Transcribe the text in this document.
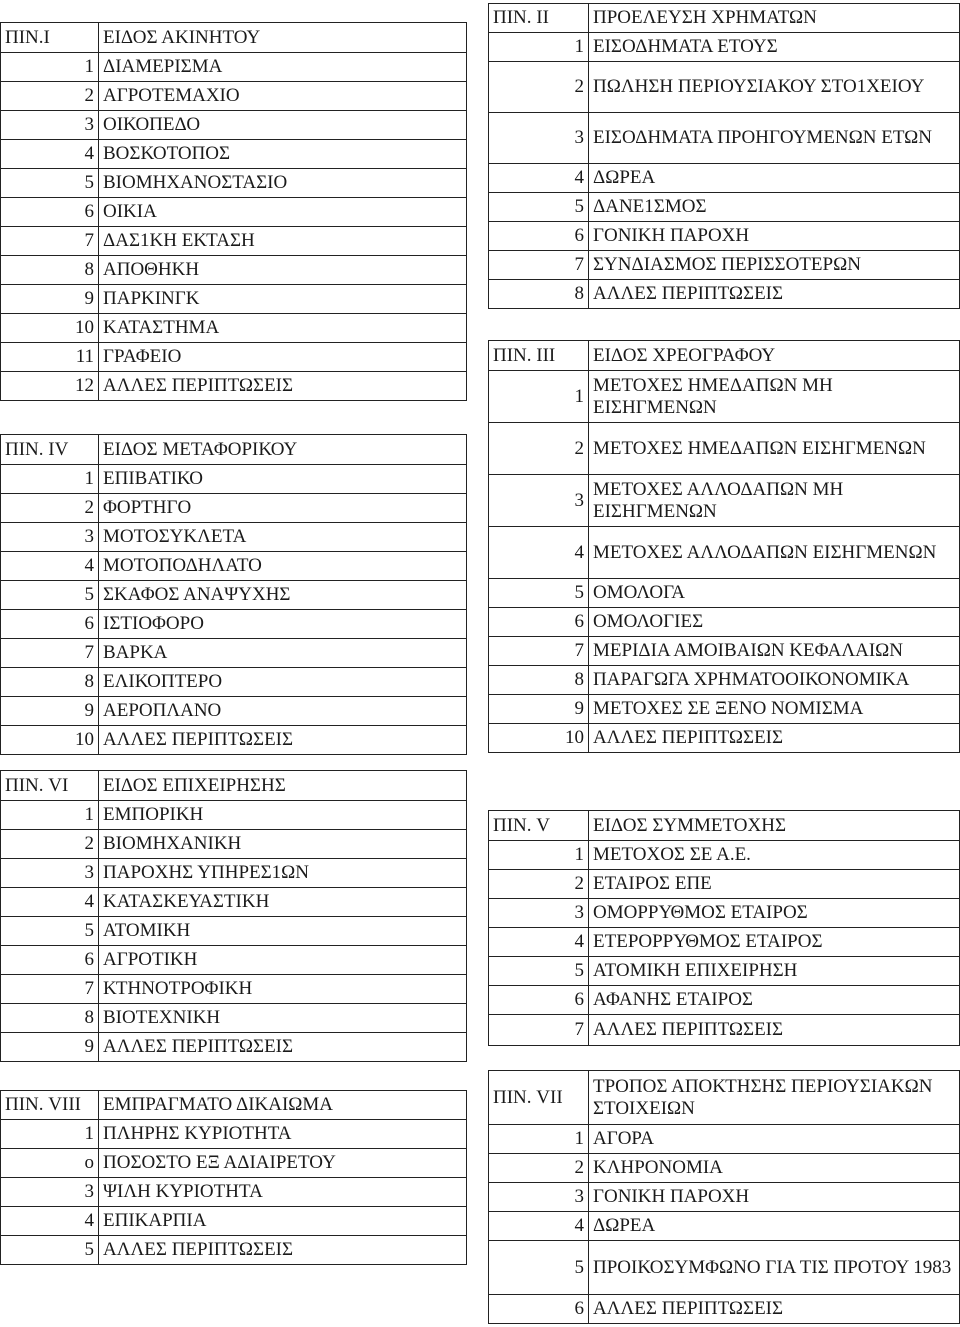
ΠΙΝ.Ι	ΕΙΔΟΣ ΑΚΙΝΗΤΟΥ
1	ΔΙΑΜΕΡΙΣΜΑ
2	ΑΓΡΟΤΕΜΑΧΙΟ
3	ΟΙΚΟΠΕΔΟ
4	ΒΟΣΚΟΤΟΠΟΣ
5	ΒΙΟΜΗΧΑΝΟΣΤΑΣΙΟ
6	ΟΙΚΙΑ
7	ΔΑΣ1ΚΗ ΕΚΤΑΣΗ
8	ΑΠΟΘΗΚΗ
9	ΠΑΡΚΙΝΓΚ
10	ΚΑΤΑΣΤΗΜΑ
11	ΓΡΑΦΕΙΟ
12	ΑΛΛΕΣ ΠΕΡΙΠΤΩΣΕΙΣ
ΠΙΝ. IV	ΕΙΔΟΣ ΜΕΤΑΦΟΡΙΚΟΥ
1	ΕΠΙΒΑΤΙΚΟ
2	ΦΟΡΤΗΓΟ
3	ΜΟΤΟΣΥΚΛΕΤΑ
4	ΜΟΤΟΠΟΔΗΛΑΤΟ
5	ΣΚΑΦΟΣ ΑΝΑΨΥΧΗΣ
6	ΙΣΤΙΟΦΟΡΟ
7	ΒΑΡΚΑ
8	ΕΛΙΚΟΠΤΕΡΟ
9	ΑΕΡΟΠΛΑΝΟ
10	ΑΛΛΕΣ ΠΕΡΙΠΤΩΣΕΙΣ
ΠΙΝ. VI	ΕΙΔΟΣ ΕΠΙΧΕΙΡΗΣΗΣ
1	ΕΜΠΟΡΙΚΗ
2	ΒΙΟΜΗΧΑΝΙΚΗ
3	ΠΑΡΟΧΗΣ ΥΠΗΡΕΣ1ΩΝ
4	ΚΑΤΑΣΚΕΥΑΣΤΙΚΗ
5	ΑΤΟΜΙΚΗ
6	ΑΓΡΟΤΙΚΗ
7	ΚΤΗΝΟΤΡΟΦΙΚΗ
8	ΒΙΟΤΕΧΝΙΚΗ
9	ΑΛΛΕΣ ΠΕΡΙΠΤΩΣΕΙΣ
ΠΙΝ. VIII	ΕΜΠΡΑΓΜΑΤΟ ΔΙΚΑΙΩΜΑ
1	ΠΛΗΡΗΣ ΚΥΡΙΟΤΗΤΑ
ο	ΠΟΣΟΣΤΟ ΕΞ ΑΔΙΑΙΡΕΤΟΥ
3	ΨΙΛΗ ΚΥΡΙΟΤΗΤΑ
4	ΕΠΙΚΑΡΠΙΑ
5	ΑΛΛΕΣ ΠΕΡΙΠΤΩΣΕΙΣ
ΠΙΝ. II	ΠΡΟΕΛΕΥΣΗ ΧΡΗΜΑΤΩΝ
1	ΕΙΣΟΔΗΜΑΤΑ ΕΤΟΥΣ
2	ΠΩΛΗΣΗ ΠΕΡΙΟΥΣΙΑΚΟΥ ΣΤΟ1ΧΕΙΟΥ
3	ΕΙΣΟΔΗΜΑΤΑ ΠΡΟΗΓΟΥΜΕΝΩΝ ΕΤΩΝ
4	ΔΩΡΕΑ
5	ΔΑΝΕ1ΣΜΟΣ
6	ΓΟΝΙΚΗ ΠΑΡΟΧΗ
7	ΣΥΝΔΙΑΣΜΟΣ ΠΕΡΙΣΣΟΤΕΡΩΝ
8	ΑΛΛΕΣ ΠΕΡΙΠΤΩΣΕΙΣ
ΠΙΝ. III	ΕΙΔΟΣ ΧΡΕΟΓΡΑΦΟΥ
1	ΜΕΤΟΧΕΣ ΗΜΕΔΑΠΩΝ ΜΗ ΕΙΣΗΓΜΕΝΩΝ
2	ΜΕΤΟΧΕΣ ΗΜΕΔΑΠΩΝ ΕΙΣΗΓΜΕΝΩΝ
3	ΜΕΤΟΧΕΣ ΑΛΛΟΔΑΠΩΝ ΜΗ ΕΙΣΗΓΜΕΝΩΝ
4	ΜΕΤΟΧΕΣ ΑΛΛΟΔΑΠΩΝ ΕΙΣΗΓΜΕΝΩΝ
5	ΟΜΟΛΟΓΑ
6	ΟΜΟΛΟΓΙΕΣ
7	ΜΕΡΙΔΙΑ ΑΜΟΙΒΑΙΩΝ ΚΕΦΑΛΑΙΩΝ
8	ΠΑΡΑΓΩΓΑ ΧΡΗΜΑΤΟΟΙΚΟΝΟΜΙΚΑ
9	ΜΕΤΟΧΕΣ ΣΕ ΞΕΝΟ ΝΟΜΙΣΜΑ
10	ΑΛΛΕΣ ΠΕΡΙΠΤΩΣΕΙΣ
ΠΙΝ. V	ΕΙΔΟΣ ΣΥΜΜΕΤΟΧΗΣ
1	ΜΕΤΟΧΟΣ ΣΕ Α.Ε.
2	ΕΤΑΙΡΟΣ ΕΠΕ
3	ΟΜΟΡΡΥΘΜΟΣ ΕΤΑΙΡΟΣ
4	ΕΤΕΡΟΡΡΥΘΜΟΣ ΕΤΑΙΡΟΣ
5	ΑΤΟΜΙΚΗ ΕΠΙΧΕΙΡΗΣΗ
6	ΑΦΑΝΗΣ ΕΤΑΙΡΟΣ
7	ΑΛΛΕΣ ΠΕΡΙΠΤΩΣΕΙΣ
ΠΙΝ. VII	ΤΡΟΠΟΣ ΑΠΟΚΤΗΣΗΣ ΠΕΡΙΟΥΣΙΑΚΩΝ ΣΤΟΙΧΕΙΩΝ
1	ΑΓΟΡΑ
2	ΚΛΗΡΟΝΟΜΙΑ
3	ΓΟΝΙΚΗ ΠΑΡΟΧΗ
4	ΔΩΡΕΑ
5	ΠΡΟΙΚΟΣΥΜΦΩΝΟ ΓΙΑ ΤΙΣ ΠΡΟΤΟΥ 1983
6	ΑΛΛΕΣ ΠΕΡΙΠΤΩΣΕΙΣ
